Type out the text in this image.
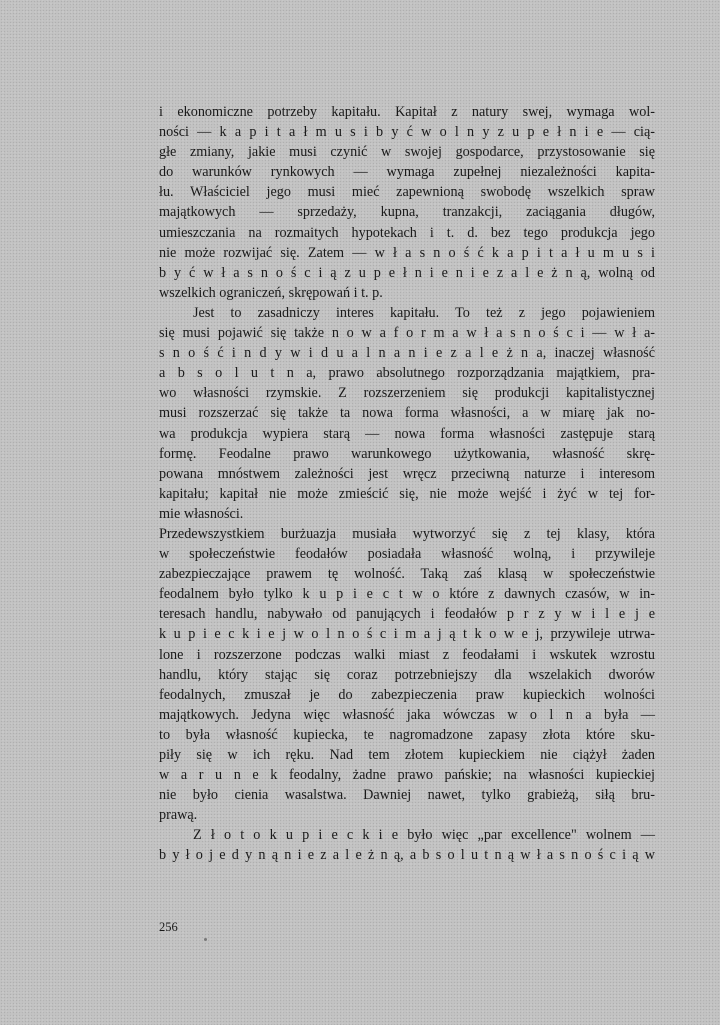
i ekonomiczne potrzeby kapitału. Kapitał z natury swej, wymaga wol-
ności — k a p i t a ł m u s i b y ć w o l n y z u p e ł n i e — cią-
głe zmiany, jakie musi czynić w swojej gospodarce, przystosowanie się
do warunków rynkowych — wymaga zupełnej niezależności kapita-
łu. Właściciel jego musi mieć zapewnioną swobodę wszelkich spraw
majątkowych — sprzedaży, kupna, tranzakcji, zaciągania długów,
umieszczania na rozmaitych hypotekach i t. d. bez tego produkcja jego
nie może rozwijać się. Zatem — w ł a s n o ś ć k a p i t a ł u m u s i
b y ć w ł a s n o ś c i ą z u p e ł n i e n i e z a l e ż n ą, wolną od
wszelkich ograniczeń, skrępowań i t. p.
Jest to zasadniczy interes kapitału. To też z jego pojawieniem
się musi pojawić się także n o w a f o r m a w ł a s n o ś c i — w ł a-
s n o ś ć i n d y w i d u a l n a n i e z a l e ż n a, inaczej własność
a b s o l u t n a, prawo absolutnego rozporządzania majątkiem, pra-
wo własności rzymskie. Z rozszerzeniem się produkcji kapitalistycznej
musi rozszerzać się także ta nowa forma własności, a w miarę jak no-
wa produkcja wypiera starą — nowa forma własności zastępuje starą
formę. Feodalne prawo warunkowego użytkowania, własność skrę-
powana mnóstwem zależności jest wręcz przeciwną naturze i interesom
kapitału; kapitał nie może zmieścić się, nie może wejść i żyć w tej for-
mie własności.
Przedewszystkiem burżuazja musiała wytworzyć się z tej klasy, która
w społeczeństwie feodałów posiadała własność wolną, i przywileje
zabezpieczające prawem tę wolność. Taką zaś klasą w społeczeństwie
feodalnem było tylko k u p i e c t w o które z dawnych czasów, w in-
teresach handlu, nabywało od panujących i feodałów p r z y w i l e j e
k u p i e c k i e j w o l n o ś c i m a j ą t k o w e j, przywileje utrwa-
lone i rozszerzone podczas walki miast z feodałami i wskutek wzrostu
handlu, który stając się coraz potrzebniejszy dla wszelakich dworów
feodalnych, zmuszał je do zabezpieczenia praw kupieckich wolności
majątkowych. Jedyna więc własność jaka wówczas w o l n a była —
to była własność kupiecka, te nagromadzone zapasy złota które sku-
piły się w ich ręku. Nad tem złotem kupieckiem nie ciążył żaden
w a r u n e k feodalny, żadne prawo pańskie; na własności kupieckiej
nie było cienia wasalstwa. Dawniej nawet, tylko grabieżą, siłą bru-
prawą.
Z ł o t o k u p i e c k i e było więc „par excellence" wolnem —
b y ł o j e d y n ą n i e z a l e ż n ą, a b s o l u t n ą w ł a s n o ś c i ą w
256
